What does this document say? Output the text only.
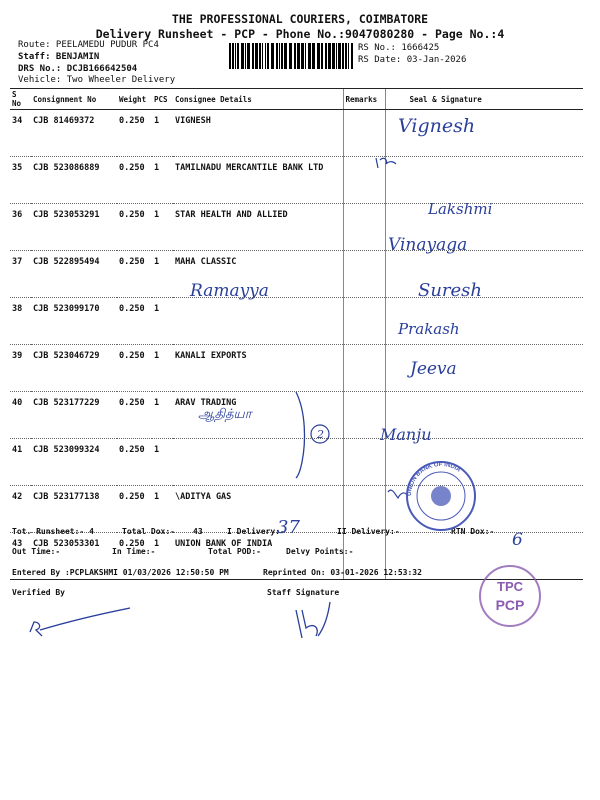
THE PROFESSIONAL COURIERS, COIMBATORE
Delivery Runsheet - PCP - Phone No.:9047080280 - Page No.:4
Route: PEELAMEDU PUDUR PC4
Staff: BENJAMIN
DRS No.: DCJB166642504
Vehicle: Two Wheeler Delivery
RS No.: 1666425
RS Date: 03-Jan-2026
S No	Consignment No	Weight	PCS	Consignee Details	Remarks	Seal & Signature
34	CJB 81469372	0.250	1	VIGNESH		
35	CJB 523086889	0.250	1	TAMILNADU MERCANTILE BANK LTD		
36	CJB 523053291	0.250	1	STAR HEALTH AND ALLIED		
37	CJB 522895494	0.250	1	MAHA CLASSIC		
38	CJB 523099170	0.250	1			
39	CJB 523046729	0.250	1	KANALI EXPORTS		
40	CJB 523177229	0.250	1	ARAV TRADING		
41	CJB 523099324	0.250	1			
42	CJB 523177138	0.250	1	\ADITYA GAS		
43	CJB 523053301	0.250	1	UNION BANK OF INDIA		
Tot. Runsheet:- 4	Total Dox:- 43	I Delivery:-	II Delivery:-	RTN Dox:-
Out Time:-	In Time:-	Total POD:-	Delvy Points:-
Entered By :PCPLAKSHMI 01/03/2026 12:50:50 PM	Reprinted On: 03-01-2026 12:53:32
Verified By	Staff Signature
Vignesh
Lakshmi
Vinayaga
Ramayya	Suresh
Prakash
Jeeva
ஆதித்யா
Manju
37
6
2
UNION BANK OF INDIA
TPC
PCP
